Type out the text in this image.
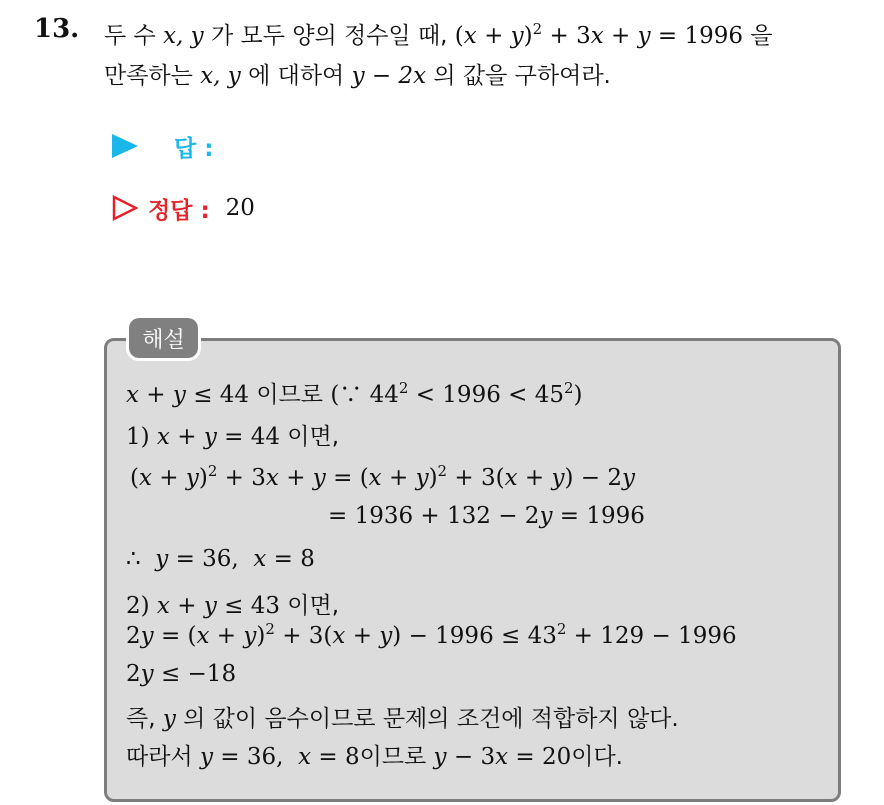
13. 두 수 x, y 가 모두 양의 정수일 때, $(x + y)^2 + 3x + y = 1996$ 을
만족하는 x, y 에 대하여 y − 2x 의 값을 구하여라.
답 :
정답 : 20
해설
x + y ≤ 44 이므로 (∵ $44^2 < 1996 < 45^2$)
1) x + y = 44 이면,
$(x + y)^2 + 3x + y = (x + y)^2 + 3(x + y) - 2y$
= 1936 + 132 − 2y = 1996
∴  y = 36,  x = 8
2) x + y ≤ 43 이면,
$2y = (x + y)^2 + 3(x + y) - 1996 \le 43^2 + 129 - 1996$
2y ≤ −18
즉, y 의 값이 음수이므로 문제의 조건에 적합하지 않다.
따라서 y = 36,  x = 8이므로 y − 3x = 20이다.
